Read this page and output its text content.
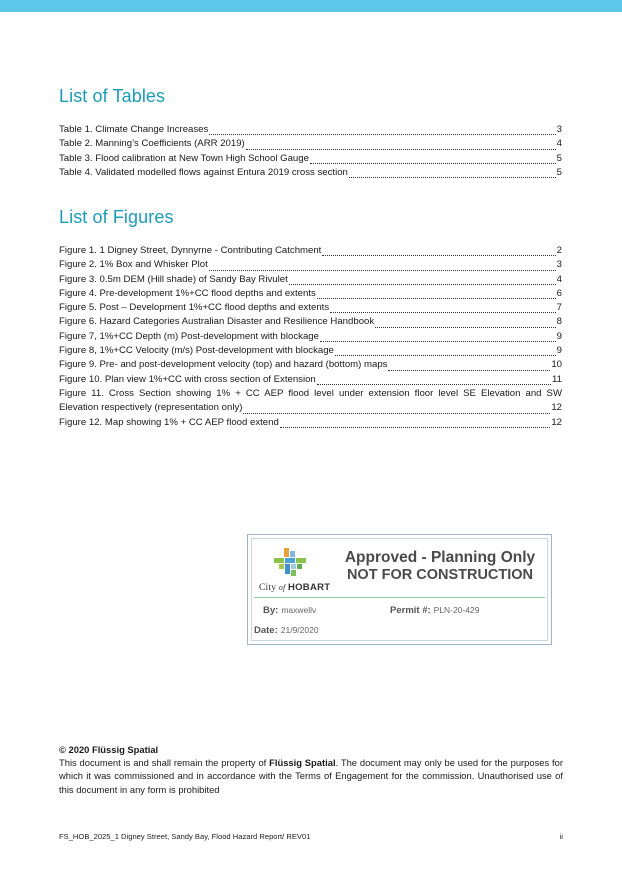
List of Tables
Table 1. Climate Change Increases	3
Table 2. Manning’s Coefficients (ARR 2019)	4
Table 3. Flood calibration at New Town High School Gauge	5
Table 4. Validated modelled flows against Entura 2019 cross section	5
List of Figures
Figure 1. 1 Digney Street, Dynnyrne - Contributing Catchment	2
Figure 2. 1% Box and Whisker Plot	3
Figure 3. 0.5m DEM (Hill shade) of Sandy Bay Rivulet	4
Figure 4. Pre-development 1%+CC flood depths and extents	6
Figure 5. Post – Development 1%+CC flood depths and extents	7
Figure 6. Hazard Categories Australian Disaster and Resilience Handbook	8
Figure 7, 1%+CC Depth (m) Post-development with blockage	9
Figure 8, 1%+CC Velocity (m/s) Post-development with blockage	9
Figure 9. Pre- and post-development velocity (top) and hazard (bottom) maps	10
Figure 10. Plan view 1%+CC with cross section of Extension	11
Figure 11. Cross Section showing 1% + CC AEP flood level under extension floor level SE Elevation and SW
Elevation respectively (representation only)	12
Figure 12. Map showing 1% + CC AEP flood extend	12
City of HOBART
Approved - Planning Only
NOT FOR CONSTRUCTION
By: maxwellv	Permit #: PLN-20-429
Date: 21/9/2020
© 2020 Flüssig Spatial

This document is and shall remain the property of Flüssig Spatial. The document may only be used for the purposes for which it was commissioned and in accordance with the Terms of Engagement for the commission. Unauthorised use of this document in any form is prohibited

FS_HOB_2025_1 Digney Street, Sandy Bay, Flood Hazard Report/ REV01	ii
